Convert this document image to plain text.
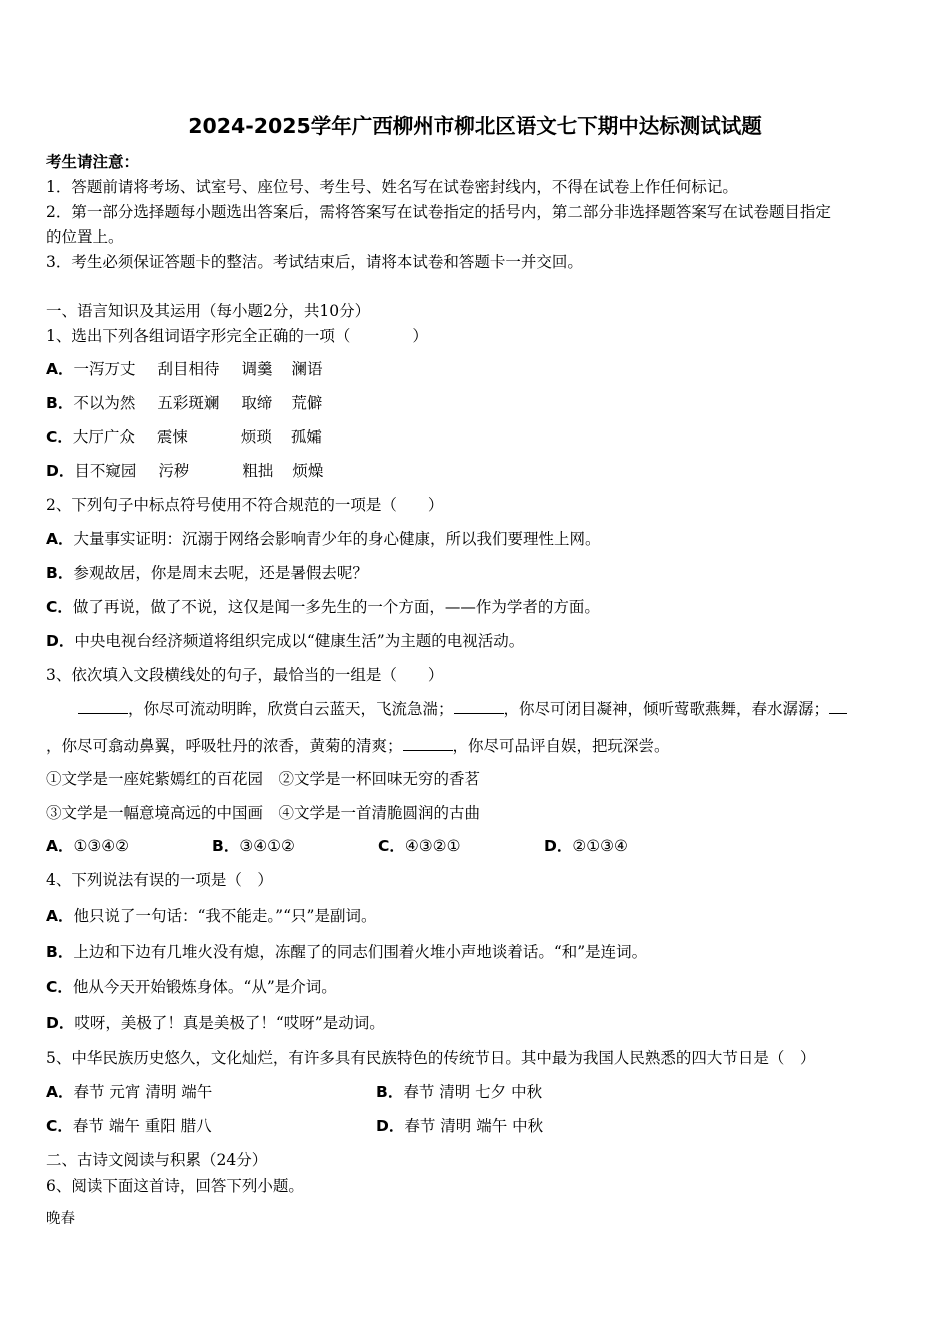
2024-2025学年广西柳州市柳北区语文七下期中达标测试试题
考生请注意：
1．答题前请将考场、试室号、座位号、考生号、姓名写在试卷密封线内，不得在试卷上作任何标记。
2．第一部分选择题每小题选出答案后，需将答案写在试卷指定的括号内，第二部分非选择题答案写在试卷题目指定
的位置上。
3．考生必须保证答题卡的整洁。考试结束后，请将本试卷和答题卡一并交回。
一、语言知识及其运用（每小题2分，共10分）
1、选出下列各组词语字形完全正确的一项（　　　　）
A．一泻万丈 刮目相待 调羹 澜语
B．不以为然 五彩斑斓 取缔 荒僻
C．大厅广众 震悚	烦琐 孤孀
D．目不窥园 污秽	粗拙 烦燥
2、下列句子中标点符号使用不符合规范的一项是（　　）
A．大量事实证明：沉溺于网络会影响青少年的身心健康，所以我们要理性上网。
B．参观故居，你是周末去呢，还是暑假去呢？
C．做了再说，做了不说，这仅是闻一多先生的一个方面，——作为学者的方面。
D．中央电视台经济频道将组织完成以“健康生活”为主题的电视活动。
3、依次填入文段横线处的句子，最恰当的一组是（　　）
，你尽可流动明眸，欣赏白云蓝天，飞流急湍；	，你尽可闭目凝神，倾听莺歌燕舞，春水潺潺；
，你尽可翕动鼻翼，呼吸牡丹的浓香，黄菊的清爽；	，你尽可品评自娱，把玩深尝。
①文学是一座姹紫嫣红的百花园　 ②文学是一杯回味无穷的香茗
③文学是一幅意境高远的中国画　 ④文学是一首清脆圆润的古曲
A．①③④②	B．③④①②	C．④③②①	D．②①③④
4、下列说法有误的一项是（　）
A．他只说了一句话：“我不能走。”“只”是副词。
B．上边和下边有几堆火没有熄，冻醒了的同志们围着火堆小声地谈着话。“和”是连词。
C．他从今天开始锻炼身体。“从”是介词。
D．哎呀，美极了！真是美极了！“哎呀”是动词。
5、中华民族历史悠久，文化灿烂，有许多具有民族特色的传统节日。其中最为我国人民熟悉的四大节日是（　）
A．春节 元宵 清明 端午	B．春节 清明 七夕 中秋
C．春节 端午 重阳 腊八	D．春节 清明 端午 中秋
二、古诗文阅读与积累（24分）
6、阅读下面这首诗，回答下列小题。
晚春
